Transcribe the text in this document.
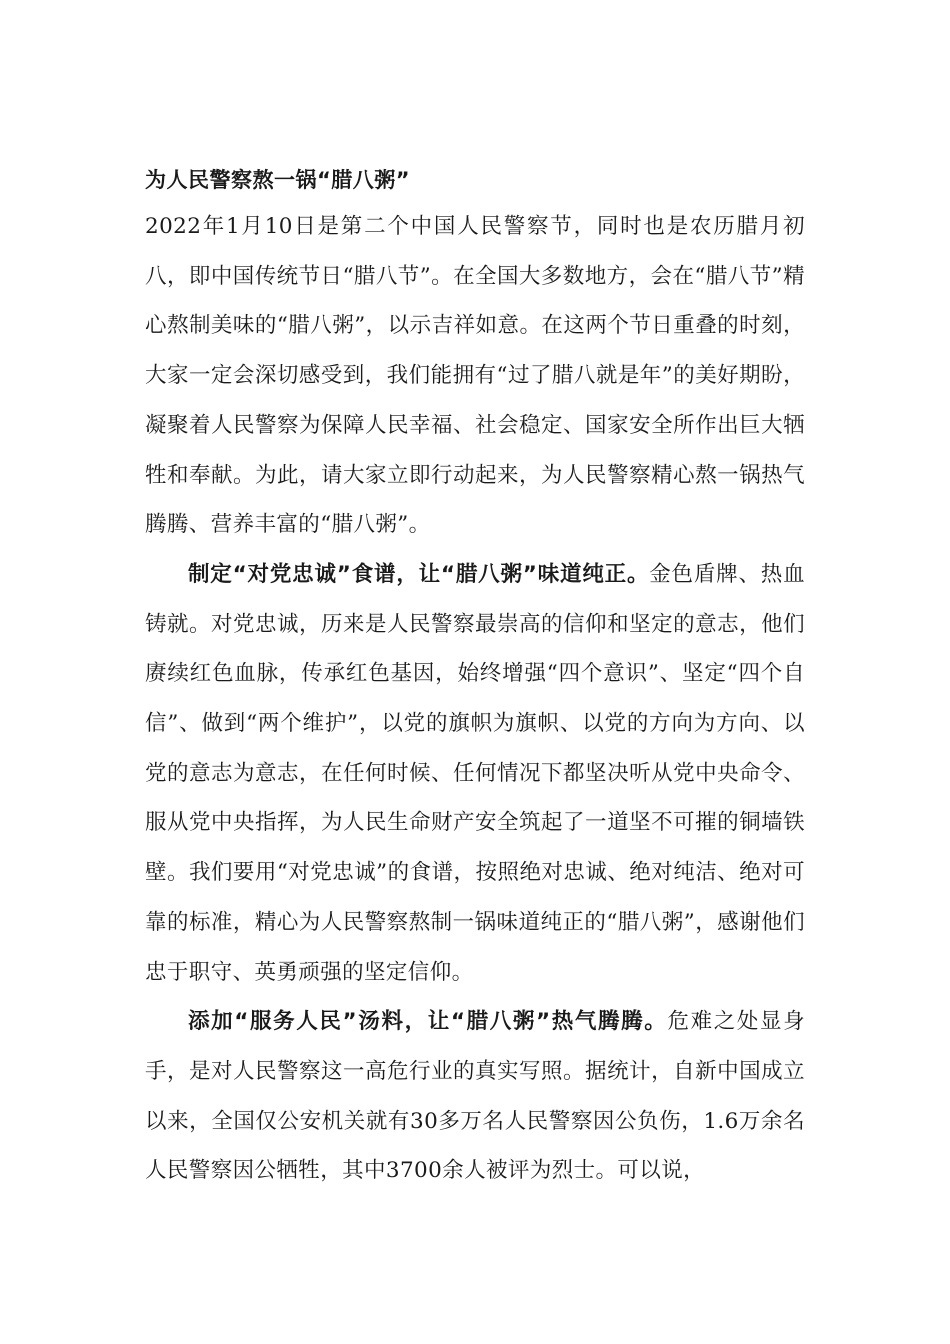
为人民警察熬一锅“腊八粥”

2022年1月10日是第二个中国人民警察节，同时也是农历腊月初八，即中国传统节日“腊八节”。在全国大多数地方，会在“腊八节”精心熬制美味的“腊八粥”，以示吉祥如意。在这两个节日重叠的时刻，大家一定会深切感受到，我们能拥有“过了腊八就是年”的美好期盼，凝聚着人民警察为保障人民幸福、社会稳定、国家安全所作出巨大牺牲和奉献。为此，请大家立即行动起来，为人民警察精心熬一锅热气腾腾、营养丰富的“腊八粥”。

制定“对党忠诚”食谱，让“腊八粥”味道纯正。金色盾牌、热血铸就。对党忠诚，历来是人民警察最崇高的信仰和坚定的意志，他们赓续红色血脉，传承红色基因，始终增强“四个意识”、坚定“四个自信”、做到“两个维护”，以党的旗帜为旗帜、以党的方向为方向、以党的意志为意志，在任何时候、任何情况下都坚决听从党中央命令、服从党中央指挥，为人民生命财产安全筑起了一道坚不可摧的铜墙铁壁。我们要用“对党忠诚”的食谱，按照绝对忠诚、绝对纯洁、绝对可靠的标准，精心为人民警察熬制一锅味道纯正的“腊八粥”，感谢他们忠于职守、英勇顽强的坚定信仰。

添加“服务人民”汤料，让“腊八粥”热气腾腾。危难之处显身手，是对人民警察这一高危行业的真实写照。据统计，自新中国成立以来，全国仅公安机关就有30多万名人民警察因公负伤，1.6万余名人民警察因公牺牲，其中3700余人被评为烈士。可以说，
